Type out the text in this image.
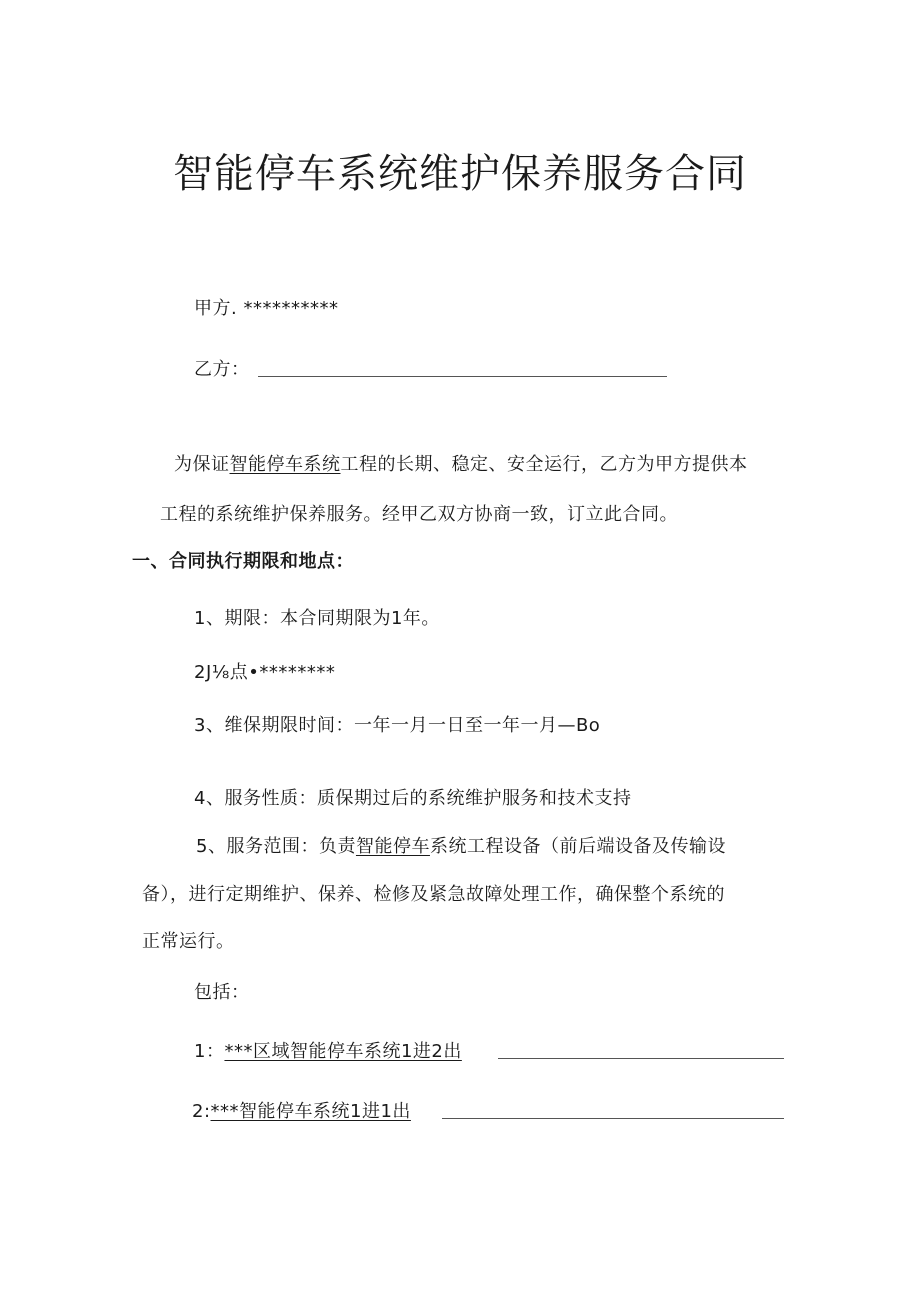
智能停车系统维护保养服务合同
甲方. **********
乙方：
为保证智能停车系统工程的长期、稳定、安全运行，乙方为甲方提供本
工程的系统维护保养服务。经甲乙双方协商一致，订立此合同。
一、合同执行期限和地点：
1、期限：本合同期限为1年。
2J⅛点•********
3、维保期限时间：一年一月一日至一年一月—Bo
4、服务性质：质保期过后的系统维护服务和技术支持
5、服务范围：负责智能停车系统工程设备（前后端设备及传输设
备），进行定期维护、保养、检修及紧急故障处理工作，确保整个系统的
正常运行。
包括：
1：***区域智能停车系统1进2出
2:***智能停车系统1进1出
